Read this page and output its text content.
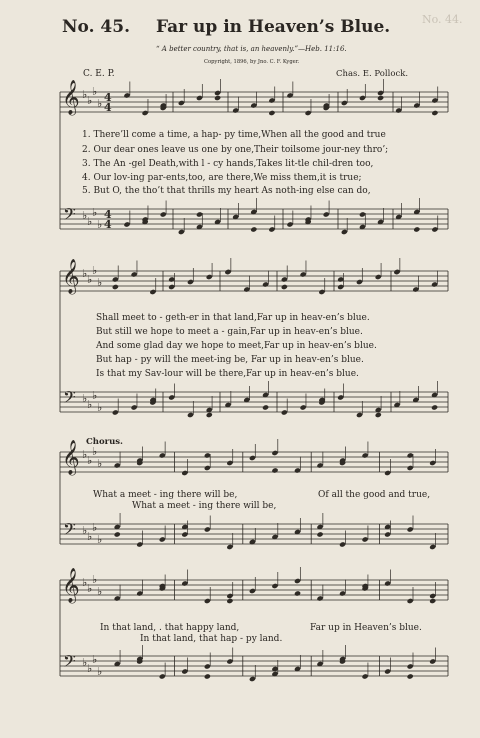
No. 44.
No. 45. Far up in Heaven’s Blue.
“ A better country, that is, an heavenly.”—Heb. 11:16.
Copyright, 1896, by Jno. C. F. Kyger.
C. E. P.	Chas. E. Pollock.
𝄞
𝄢
♭ ♭
♭
♭
♭ ♭
♭
♭
4
4
4
4
𝄞
𝄢
♭ ♭
♭
♭
♭ ♭
♭
♭
𝄞
𝄢
♭ ♭
♭
♭
♭ ♭
♭
♭
𝄞
𝄢
♭ ♭
♭
♭
♭ ♭
♭
♭
1. There’ll come a time, a hap- py time,When all the good and true
2. Our dear ones leave us one by one,Their toilsome jour-ney thro’;
3. The An -gel Death,with l - cy hands,Takes lit-tle chil-dren too,
4. Our lov-ing par-ents,too, are there,We miss them,it is true;
5. But O, the tho’t that thrills my heart As noth-ing else can do,
Shall meet to - geth-er in that land,Far up in heav-en’s blue.
But still we hope to meet a - gain,Far up in heav-en’s blue.
And some glad day we hope to meet,Far up in heav-en’s blue.
But hap - py will the meet-ing be, Far up in heav-en’s blue.
Is that my Sav-lour will be there,Far up in heav-en’s blue.
Chorus.
What a meet - ing there will be,	Of all the good and true,
What a meet - ing there will be,
In that land, . that happy land,	Far up in Heaven’s blue.
In that land, that hap - py land.
